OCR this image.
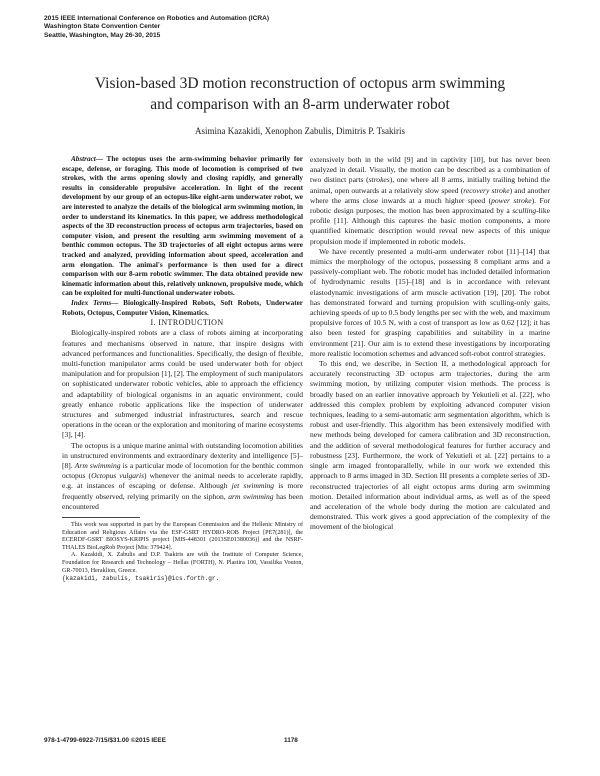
2015 IEEE International Conference on Robotics and Automation (ICRA)
Washington State Convention Center
Seattle, Washington, May 26-30, 2015
Vision-based 3D motion reconstruction of octopus arm swimming
and comparison with an 8-arm underwater robot
Asimina Kazakidi, Xenophon Zabulis, Dimitris P. Tsakiris

Abstract— The octopus uses the arm-swimming behavior primarily for escape, defense, or foraging. This mode of locomotion is comprised of two strokes, with the arms opening slowly and closing rapidly, and generally results in considerable propulsive acceleration. In light of the recent development by our group of an octopus-like eight-arm underwater robot, we are interested to analyze the details of the biological arm swimming motion, in order to understand its kinematics. In this paper, we address methodological aspects of the 3D reconstruction process of octopus arm trajectories, based on computer vision, and present the resulting arm swimming movement of a benthic common octopus. The 3D trajectories of all eight octopus arms were tracked and analyzed, providing information about speed, acceleration and arm elongation. The animal's performance is then used for a direct comparison with our 8-arm robotic swimmer. The data obtained provide new kinematic information about this, relatively unknown, propulsive mode, which can be exploited for multi-functional underwater robots.

Index Terms— Biologically-Inspired Robots, Soft Robots, Underwater Robots, Octopus, Computer Vision, Kinematics.

I. INTRODUCTION

Biologically-inspired robots are a class of robots aiming at incorporating features and mechanisms observed in nature, that inspire designs with advanced performances and functionalities. Specifically, the design of flexible, multi-function manipulator arms could be used underwater both for object manipulation and for propulsion [1], [2]. The employment of such manipulators on sophisticated underwater robotic vehicles, able to approach the efficiency and adaptability of biological organisms in an aquatic environment, could greatly enhance robotic applications like the inspection of underwater structures and submerged industrial infrastructures, search and rescue operations in the ocean or the exploration and monitoring of marine ecosystems [3], [4].

The octopus is a unique marine animal with outstanding locomotion abilities in unstructured environments and extraordinary dexterity and intelligence [5]–[8]. Arm swimming is a particular mode of locomotion for the benthic common octopus (Octopus vulgaris) whenever the animal needs to accelerate rapidly, e.g. at instances of escaping or defense. Although jet swimming is more frequently observed, relying primarily on the siphon, arm swimming has been encountered

This work was supported in part by the European Commission and the Hellenic Ministry of Education and Religious Affairs via the ESF-GSRT HYDRO-ROB Project [PE7(281)], the ECERDF-GSRT BIOSYS-KRIPIS project [MIS-448301 (2013SE01380036)] and the NSRF-THALES BioLegRob Project [Mis: 379424].

A. Kazakidi, X. Zabulis and D.P. Tsakiris are with the Institute of Computer Science, Foundation for Research and Technology – Hellas (FORTH), N. Plastira 100, Vassilika Vouton, GR-70013, Heraklion, Greece.

{kazakidi, zabulis, tsakiris}@ics.forth.gr.

extensively both in the wild [9] and in captivity [10], but has never been analyzed in detail. Visually, the motion can be described as a combination of two distinct parts (strokes), one where all 8 arms, initially trailing behind the animal, open outwards at a relatively slow speed (recovery stroke) and another where the arms close inwards at a much higher speed (power stroke). For robotic design purposes, the motion has been approximated by a sculling-like profile [11]. Although this captures the basic motion components, a more quantified kinematic description would reveal new aspects of this unique propulsion mode if implemented in robotic models.

We have recently presented a multi-arm underwater robot [11]–[14] that mimics the morphology of the octopus, possessing 8 compliant arms and a passively-compliant web. The robotic model has included detailed information of hydrodynamic results [15]–[18] and is in accordance with relevant elastodynamic investigations of arm muscle activation [19], [20]. The robot has demonstrated forward and turning propulsion with sculling-only gaits, achieving speeds of up to 0.5 body lengths per sec with the web, and maximum propulsive forces of 10.5 N, with a cost of transport as low as 0.62 [12]; it has also been tested for grasping capabilities and suitability in a marine environment [21]. Our aim is to extend these investigations by incorporating more realistic locomotion schemes and advanced soft-robot control strategies.

To this end, we describe, in Section II, a methodological approach for accurately reconstructing 3D octopus arm trajectories, during the arm swimming motion, by utilizing computer vision methods. The process is broadly based on an earlier innovative approach by Yekutieli et al. [22], who addressed this complex problem by exploiting advanced computer vision techniques, leading to a semi-automatic arm segmentation algorithm, which is robust and user-friendly. This algorithm has been extensively modified with new methods being developed for camera calibration and 3D reconstruction, and the addition of several methodological features for further accuracy and robustness [23]. Furthermore, the work of Yekutieli et al. [22] pertains to a single arm imaged frontoparallelly, while in our work we extended this approach to 8 arms imaged in 3D. Section III presents a complete series of 3D-reconstructed trajectories of all eight octopus arms during arm swimming motion. Detailed information about individual arms, as well as of the speed and acceleration of the whole body during the motion are calculated and demonstrated. This work gives a good appreciation of the complexity of the movement of the biological

978-1-4799-6922-7/15/$31.00 ©2015 IEEE	1178
